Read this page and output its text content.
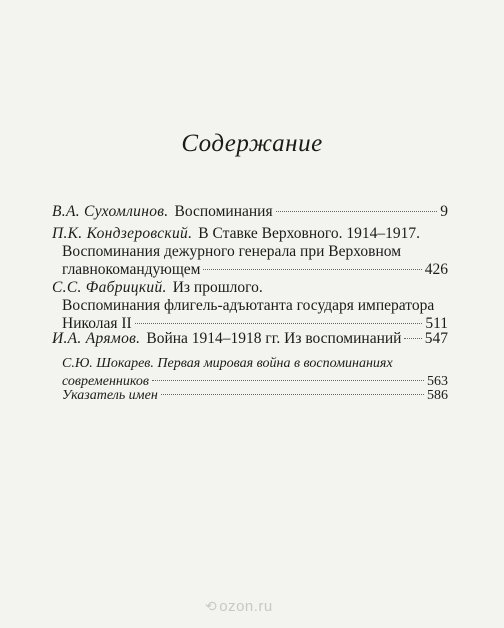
Содержание
В.А. Сухомлинов. Воспоминания	9
П.К. Кондзеровский. В Ставке Верховного. 1914–1917.
Воспоминания дежурного генерала при Верховном
главнокомандующем	426
С.С. Фабрицкий. Из прошлого.
Воспоминания флигель-адъютанта государя императора
Николая II	511
И.А. Арямов. Война 1914–1918 гг. Из воспоминаний 547
С.Ю. Шокарев. Первая мировая война в воспоминаниях
современников	563
Указатель имен	586
⟲ ozon.ru
